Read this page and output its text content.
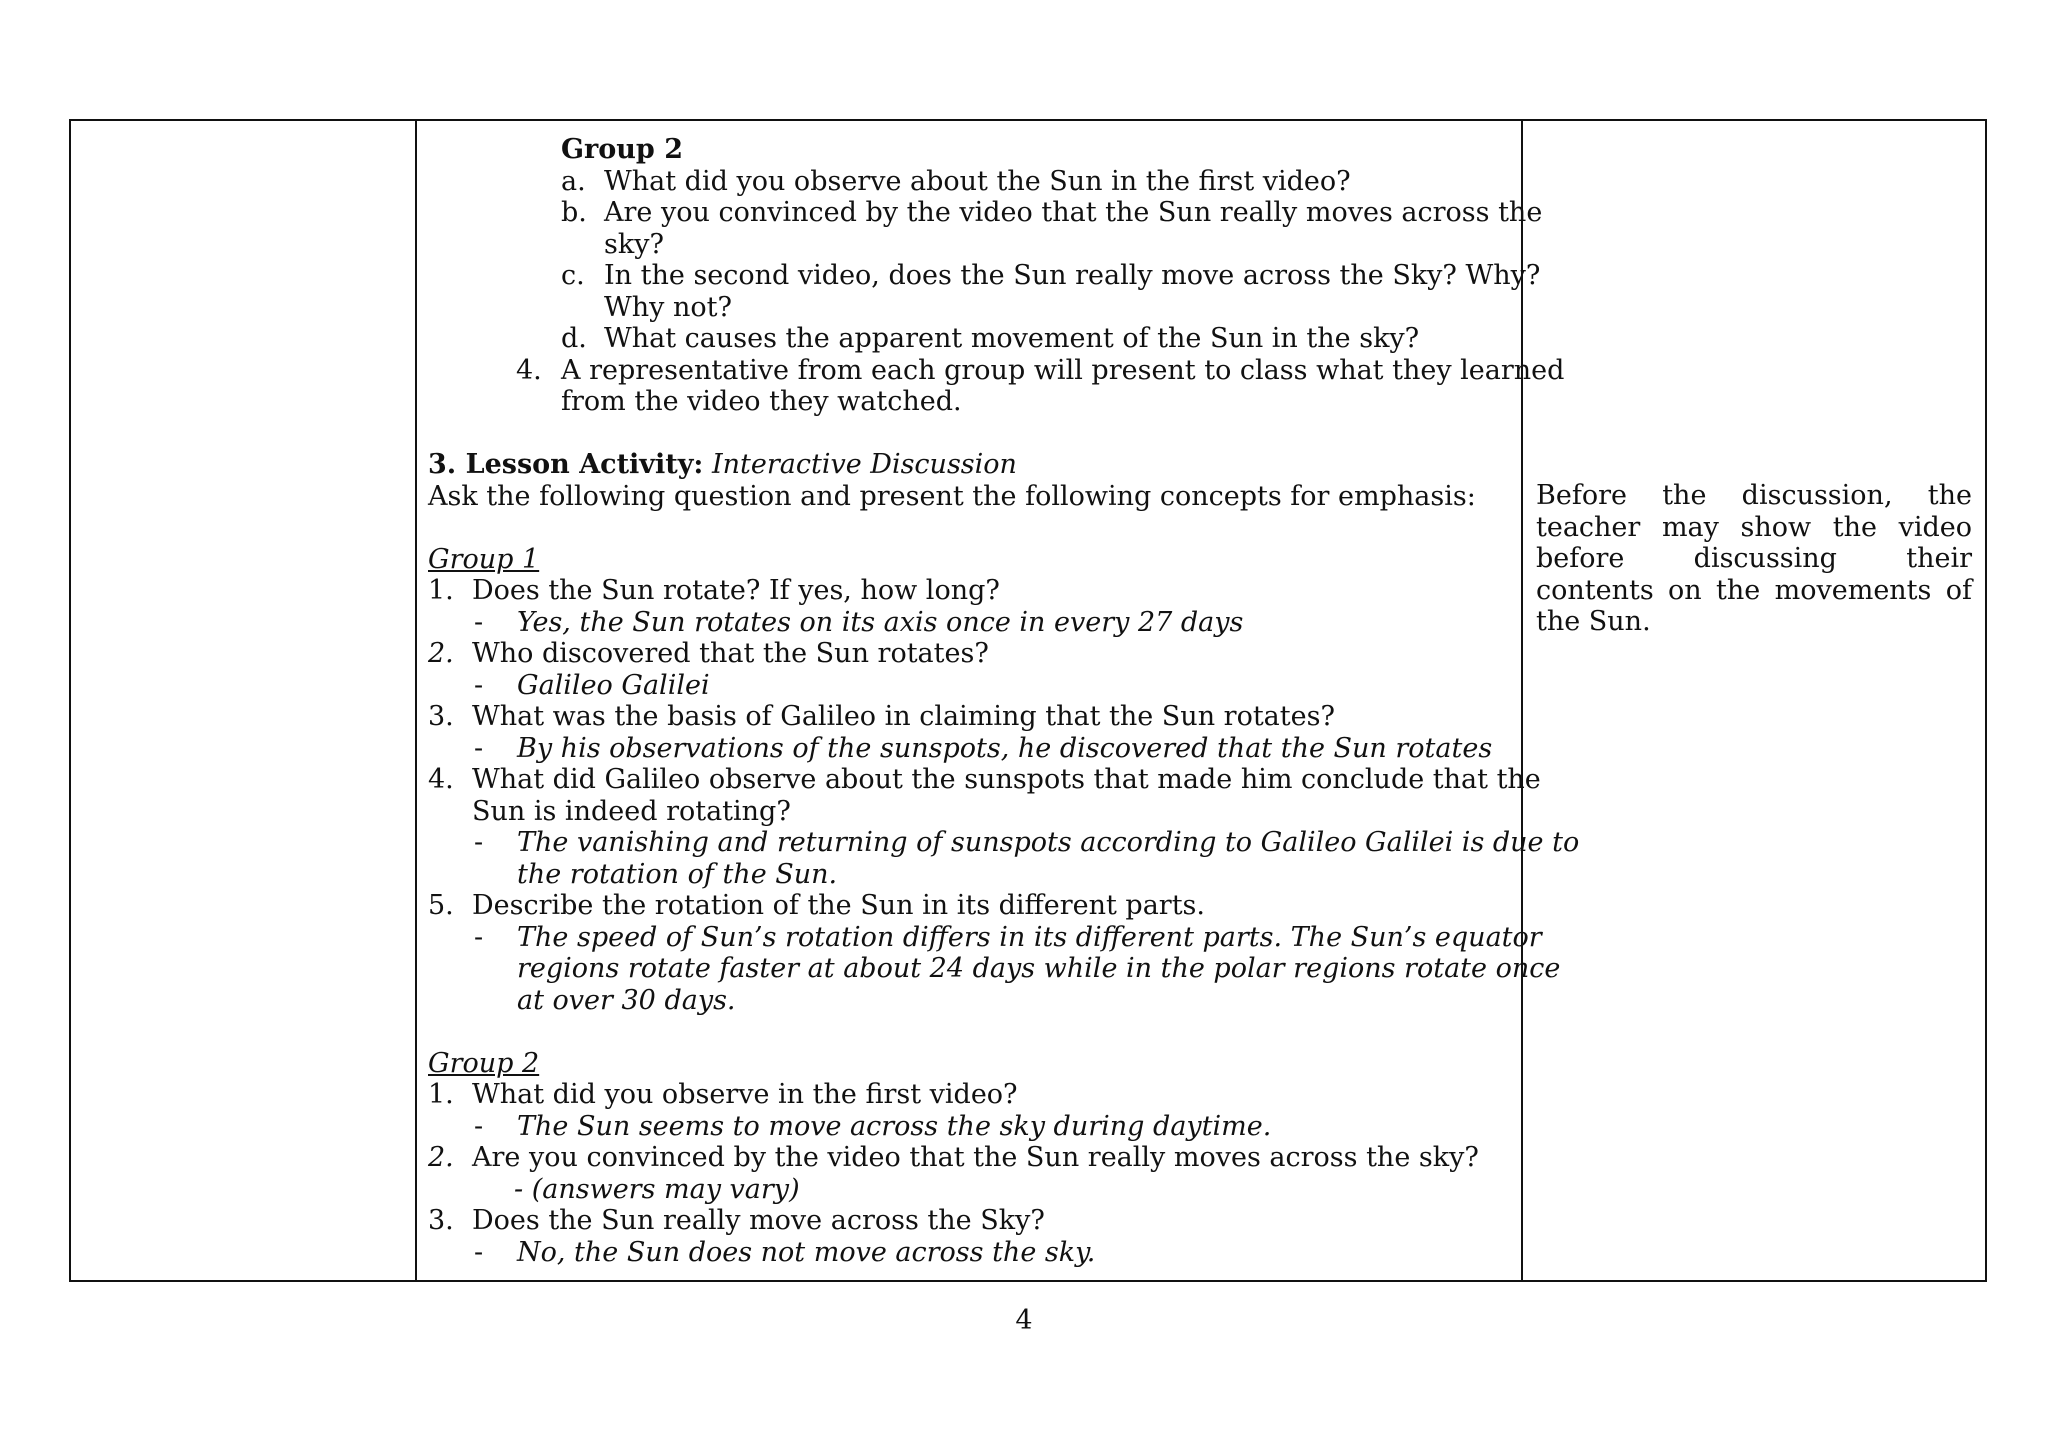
Group 2
a. What did you observe about the Sun in the first video?
b. Are you convinced by the video that the Sun really moves across the
sky?
c. In the second video, does the Sun really move across the Sky? Why?
Why not?
d. What causes the apparent movement of the Sun in the sky?
4. A representative from each group will present to class what they learned
from the video they watched.
3. Lesson Activity: Interactive Discussion
Ask the following question and present the following concepts for emphasis:
Group 1
1. Does the Sun rotate? If yes, how long?
- Yes, the Sun rotates on its axis once in every 27 days
2. Who discovered that the Sun rotates?
- Galileo Galilei
3. What was the basis of Galileo in claiming that the Sun rotates?
- By his observations of the sunspots, he discovered that the Sun rotates
4. What did Galileo observe about the sunspots that made him conclude that the
Sun is indeed rotating?
- The vanishing and returning of sunspots according to Galileo Galilei is due to
the rotation of the Sun.
5. Describe the rotation of the Sun in its different parts.
- The speed of Sun’s rotation differs in its different parts. The Sun’s equator
regions rotate faster at about 24 days while in the polar regions rotate once
at over 30 days.
Group 2
1. What did you observe in the first video?
- The Sun seems to move across the sky during daytime.
2. Are you convinced by the video that the Sun really moves across the sky?
- (answers may vary)
3. Does the Sun really move across the Sky?
- No, the Sun does not move across the sky.
Before the discussion, the teacher may show the video before discussing their contents on the movements of the Sun.
4
